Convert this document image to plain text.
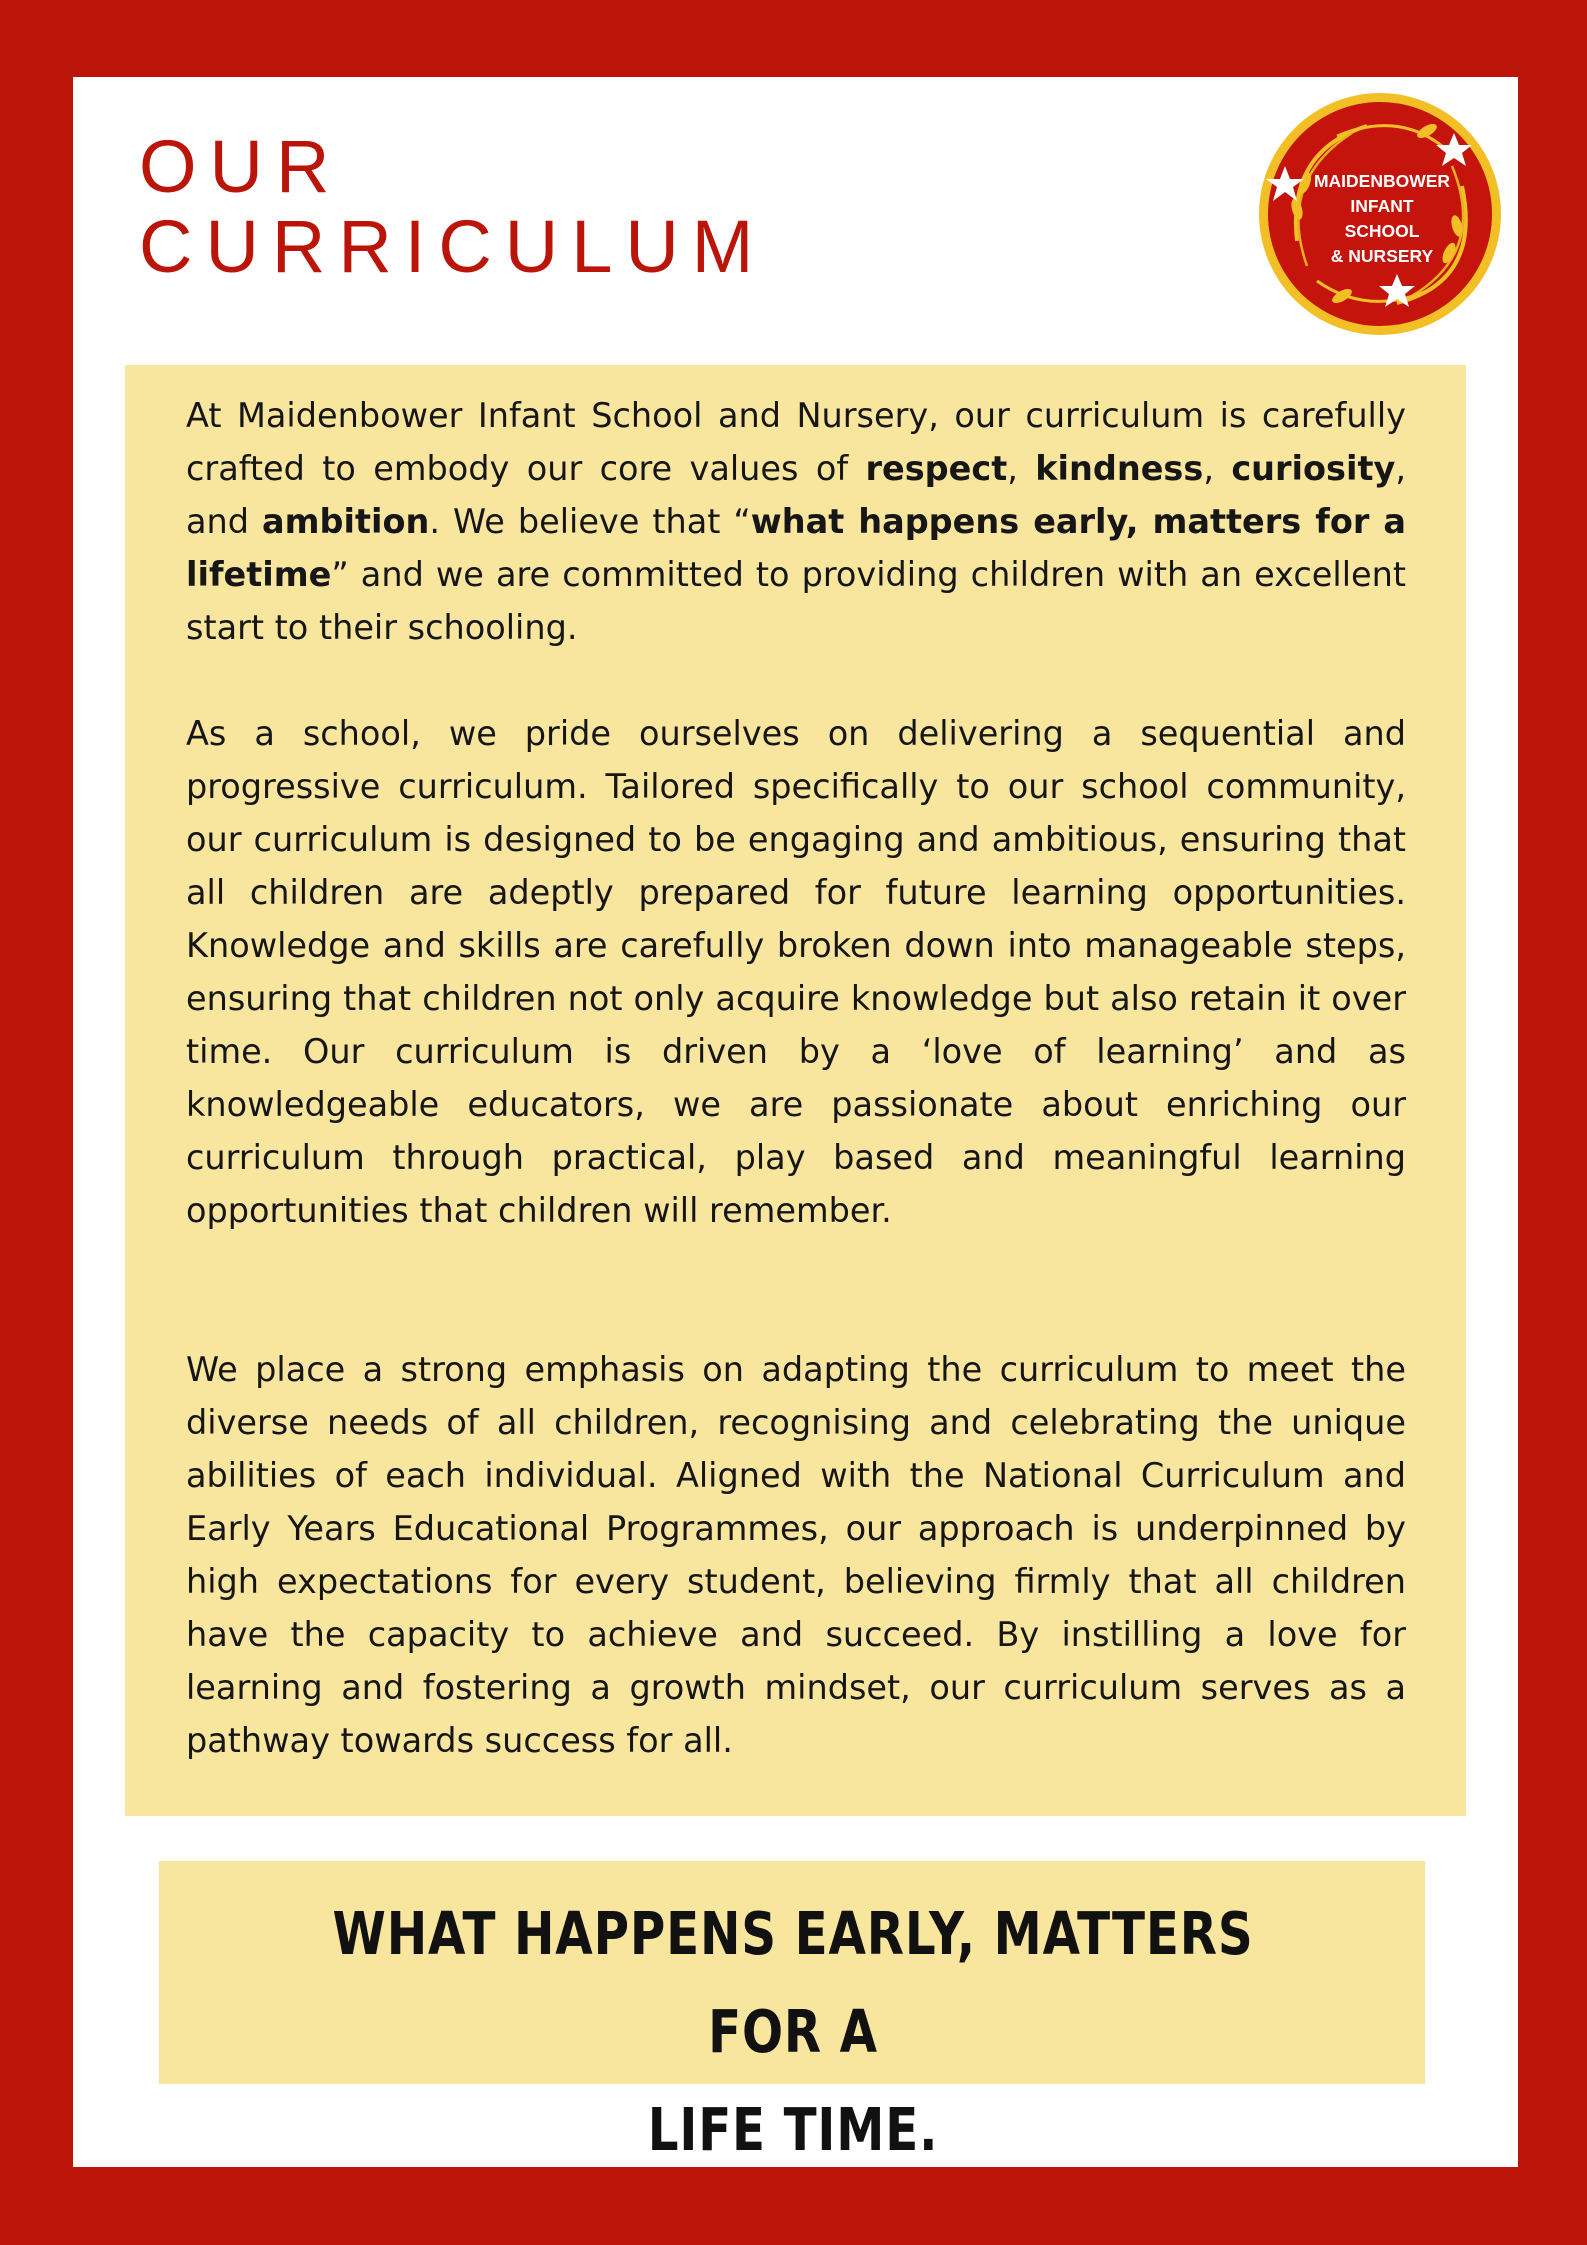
OUR
CURRICULUM
MAIDENBOWER
INFANT
SCHOOL
& NURSERY

At Maidenbower Infant School and Nursery, our curriculum is carefully crafted to embody our core values of respect, kindness, curiosity, and ambition. We believe that “what happens early, matters for a lifetime” and we are committed to providing children with an excellent start to their schooling.

As a school, we pride ourselves on delivering a sequential and progressive curriculum. Tailored specifically to our school community, our curriculum is designed to be engaging and ambitious, ensuring that all children are adeptly prepared for future learning opportunities. Knowledge and skills are carefully broken down into manageable steps, ensuring that children not only acquire knowledge but also retain it over time. Our curriculum is driven by a ‘love of learning’ and as knowledgeable educators, we are passionate about enriching our curriculum through practical, play based and meaningful learning opportunities that children will remember.

We place a strong emphasis on adapting the curriculum to meet the diverse needs of all children, recognising and celebrating the unique abilities of each individual. Aligned with the National Curriculum and Early Years Educational Programmes, our approach is underpinned by high expectations for every student, believing firmly that all children have the capacity to achieve and succeed. By instilling a love for learning and fostering a growth mindset, our curriculum serves as a pathway towards success for all.

WHAT HAPPENS EARLY, MATTERS FOR A
LIFE TIME.
